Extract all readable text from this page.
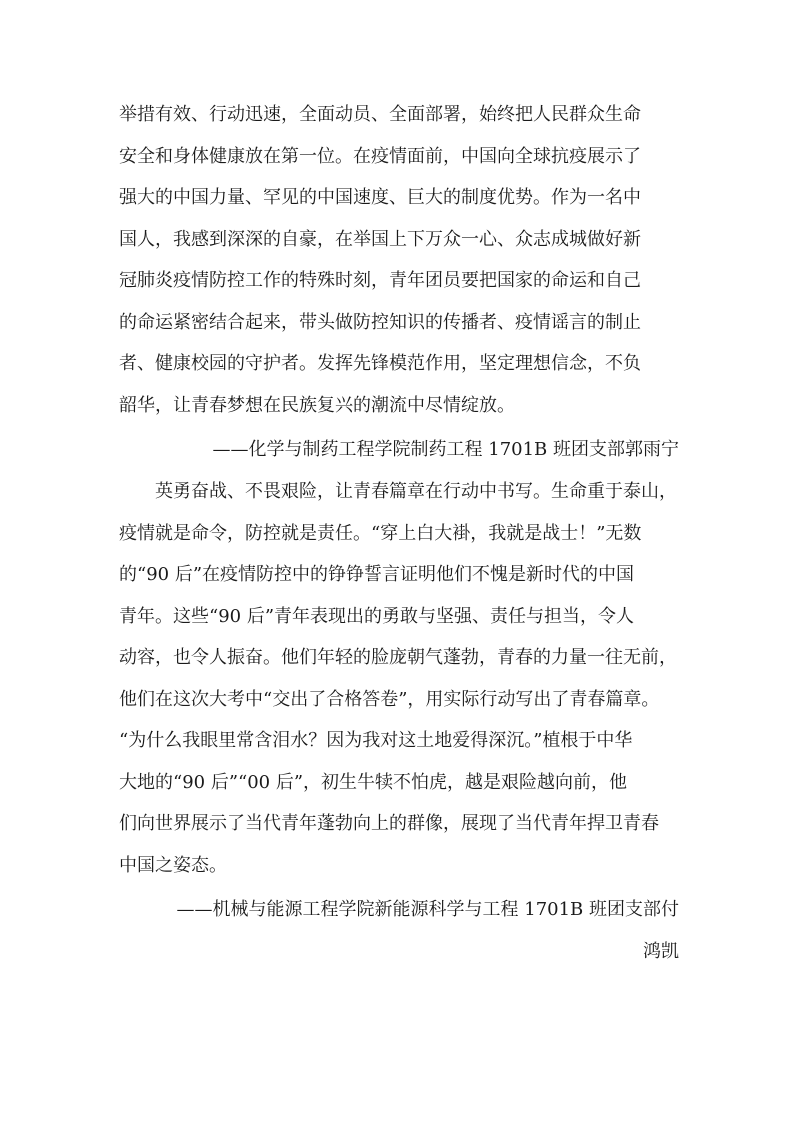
举措有效、行动迅速，全面动员、全面部署，始终把人民群众生命
安全和身体健康放在第一位。在疫情面前，中国向全球抗疫展示了
强大的中国力量、罕见的中国速度、巨大的制度优势。作为一名中
国人，我感到深深的自豪，在举国上下万众一心、众志成城做好新
冠肺炎疫情防控工作的特殊时刻，青年团员要把国家的命运和自己
的命运紧密结合起来，带头做防控知识的传播者、疫情谣言的制止
者、健康校园的守护者。发挥先锋模范作用，坚定理想信念，不负
韶华，让青春梦想在民族复兴的潮流中尽情绽放。
——化学与制药工程学院制药工程 1701B 班团支部郭雨宁
英勇奋战、不畏艰险，让青春篇章在行动中书写。生命重于泰山，
疫情就是命令，防控就是责任。“穿上白大褂，我就是战士！”无数
的“90 后”在疫情防控中的铮铮誓言证明他们不愧是新时代的中国
青年。这些“90 后”青年表现出的勇敢与坚强、责任与担当，令人
动容，也令人振奋。他们年轻的脸庞朝气蓬勃，青春的力量一往无前，
他们在这次大考中“交出了合格答卷”，用实际行动写出了青春篇章。
“为什么我眼里常含泪水？因为我对这土地爱得深沉。”植根于中华
大地的“90 后”“00 后”，初生牛犊不怕虎，越是艰险越向前，他
们向世界展示了当代青年蓬勃向上的群像，展现了当代青年捍卫青春
中国之姿态。
——机械与能源工程学院新能源科学与工程 1701B 班团支部付
鸿凯
